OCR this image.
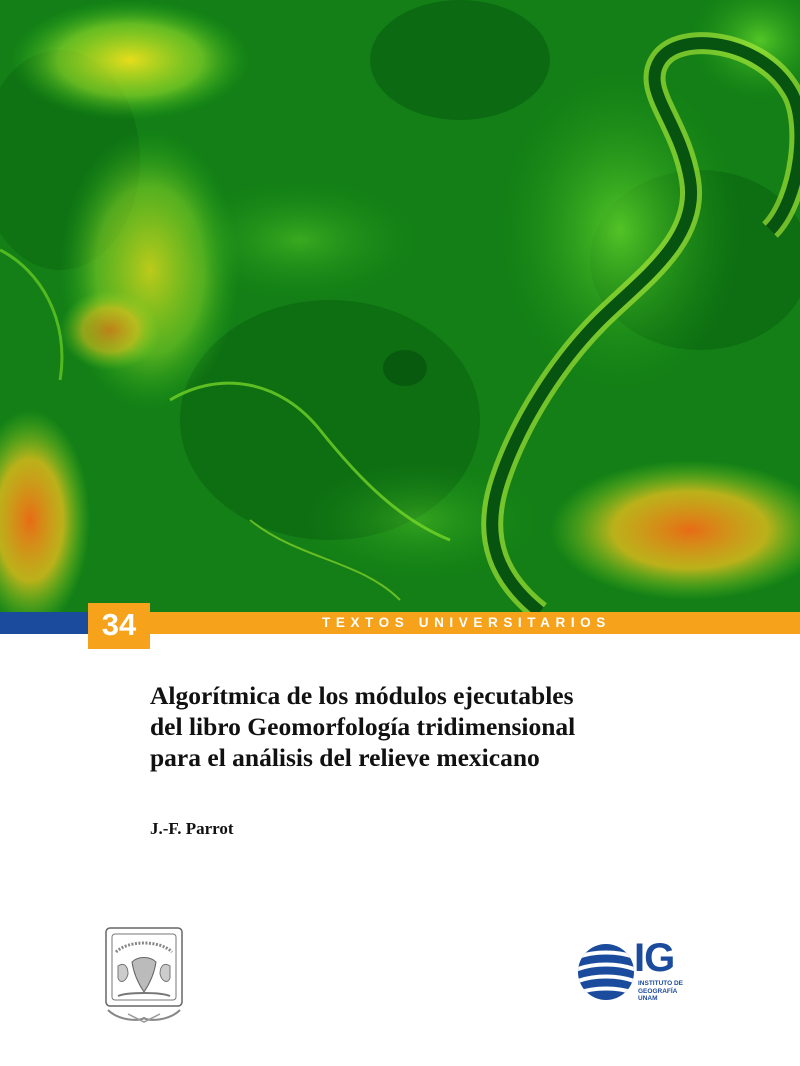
TEXTOS UNIVERSITARIOS
34
Algorítmica de los módulos ejecutables
del libro Geomorfología tridimensional
para el análisis del relieve mexicano
J.-F. Parrot
IG
INSTITUTO DE
GEOGRAFÍA
UNAM
